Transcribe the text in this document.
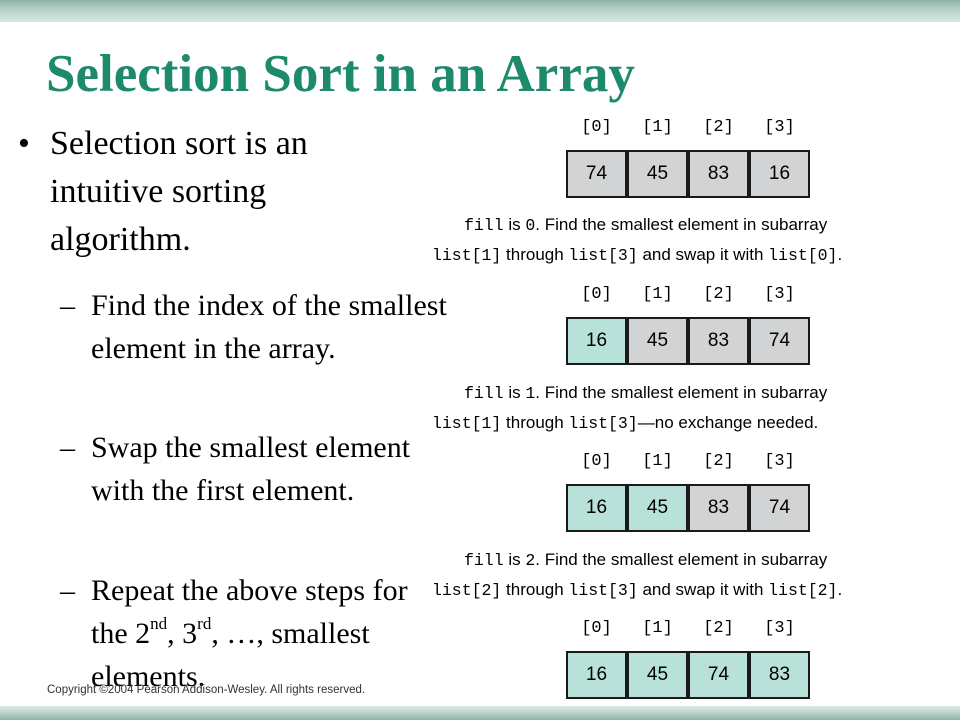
Selection Sort in an Array
• Selection sort is an intuitive sorting algorithm.
– Find the index of the smallest element in the array.
– Swap the smallest element with the first element.
– Repeat the above steps for the 2nd, 3rd, …, smallest elements.
[0]	[1]	[2]	[3]
74	45	83	16
fill is 0. Find the smallest element in subarray
list[1] through list[3] and swap it with list[0].
[0]	[1]	[2]	[3]
16	45	83	74
fill is 1. Find the smallest element in subarray
list[1] through list[3]—no exchange needed.
[0]	[1]	[2]	[3]
16	45	83	74
fill is 2. Find the smallest element in subarray
list[2] through list[3] and swap it with list[2].
[0]	[1]	[2]	[3]
16	45	74	83
Copyright ©2004 Pearson Addison-Wesley. All rights reserved.
